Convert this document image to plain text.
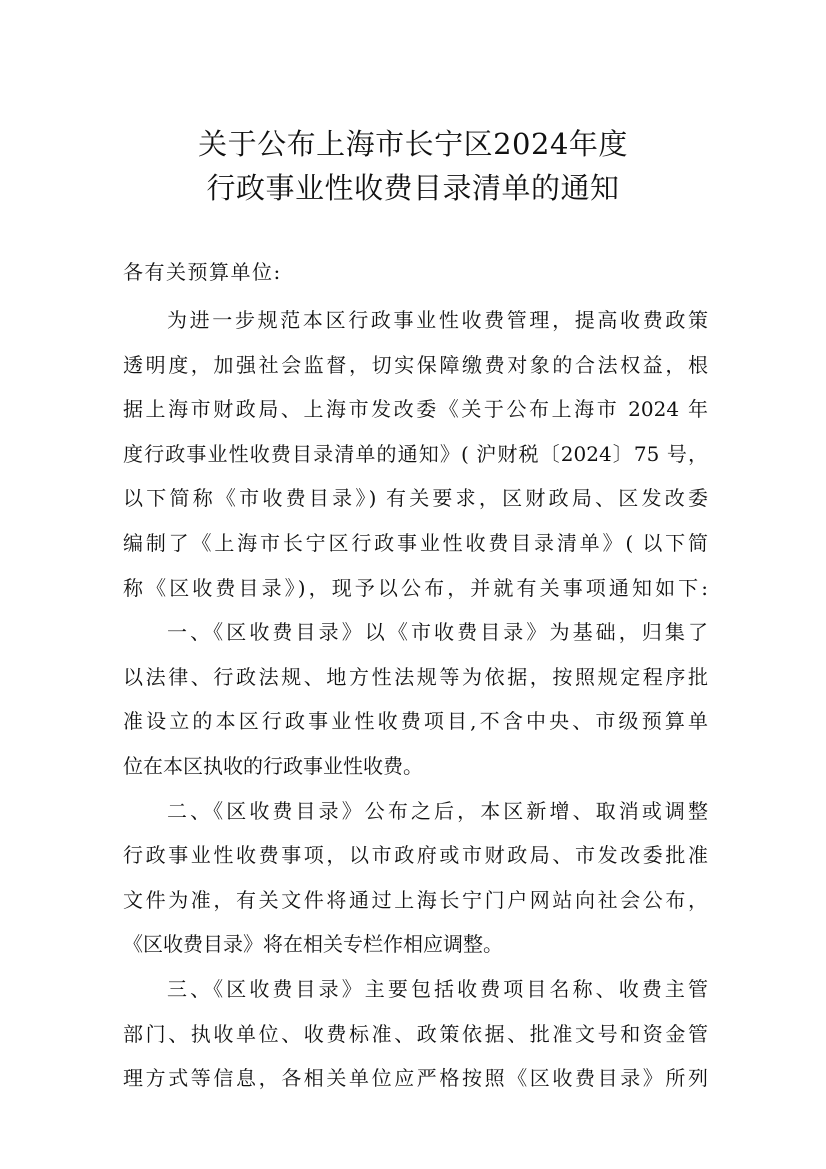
关于公布上海市长宁区2024年度
行政事业性收费目录清单的通知
各有关预算单位:
为进一步规范本区行政事业性收费管理，提高收费政策
透明度，加强社会监督，切实保障缴费对象的合法权益，根
据上海市财政局、上海市发改委《关于公布上海市 2024 年
度行政事业性收费目录清单的通知》( 沪财税〔2024〕75 号，
以下简称《市收费目录》) 有关要求，区财政局、区发改委
编制了《上海市长宁区行政事业性收费目录清单》( 以下简
称《区收费目录》)，现予以公布，并就有关事项通知如下:
一、《区收费目录》以《市收费目录》为基础，归集了
以法律、行政法规、地方性法规等为依据，按照规定程序批
准设立的本区行政事业性收费项目,不含中央、市级预算单
位在本区执收的行政事业性收费。
二、《区收费目录》公布之后，本区新增、取消或调整
行政事业性收费事项，以市政府或市财政局、市发改委批准
文件为准，有关文件将通过上海长宁门户网站向社会公布，
《区收费目录》将在相关专栏作相应调整。
三、《区收费目录》主要包括收费项目名称、收费主管
部门、执收单位、收费标准、政策依据、批准文号和资金管
理方式等信息，各相关单位应严格按照《区收费目录》所列
